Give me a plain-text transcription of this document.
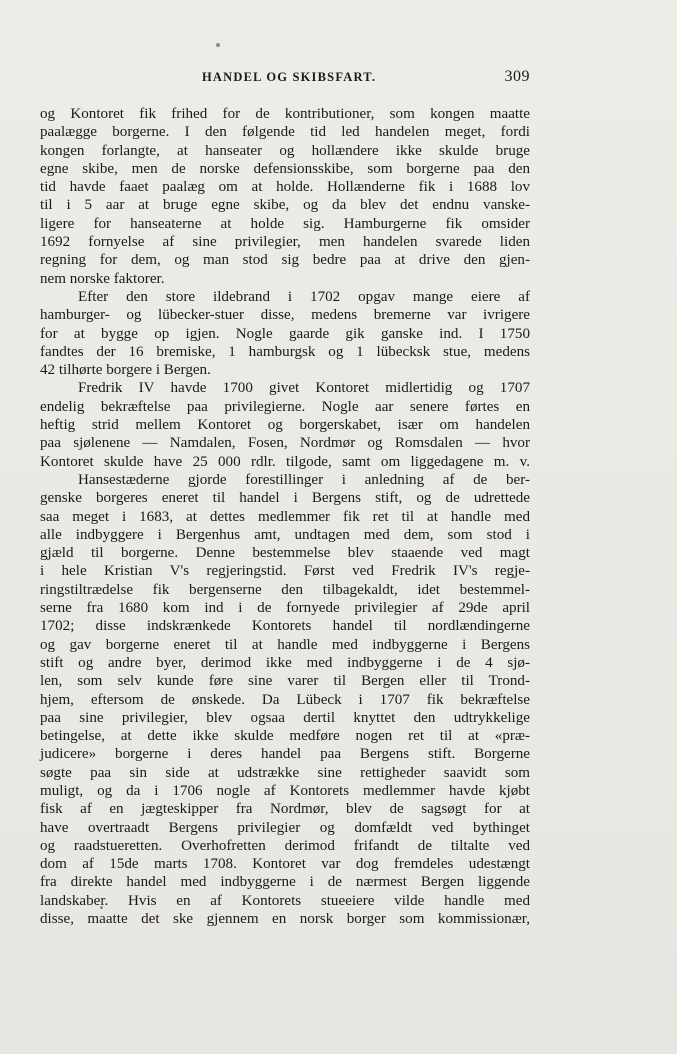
HANDEL OG SKIBSFART.	309
og Kontoret fik frihed for de kontributioner, som kongen maatte
paalægge borgerne. I den følgende tid led handelen meget, fordi
kongen forlangte, at hanseater og hollændere ikke skulde bruge
egne skibe, men de norske defensionsskibe, som borgerne paa den
tid havde faaet paalæg om at holde. Hollænderne fik i 1688 lov
til i 5 aar at bruge egne skibe, og da blev det endnu vanske-
ligere for hanseaterne at holde sig. Hamburgerne fik omsider
1692 fornyelse af sine privilegier, men handelen svarede liden
regning for dem, og man stod sig bedre paa at drive den gjen-
nem norske faktorer.
Efter den store ildebrand i 1702 opgav mange eiere af
hamburger- og lübecker-stuer disse, medens bremerne var ivrigere
for at bygge op igjen. Nogle gaarde gik ganske ind. I 1750
fandtes der 16 bremiske, 1 hamburgsk og 1 lübecksk stue, medens
42 tilhørte borgere i Bergen.
Fredrik IV havde 1700 givet Kontoret midlertidig og 1707
endelig bekræftelse paa privilegierne. Nogle aar senere førtes en
heftig strid mellem Kontoret og borgerskabet, især om handelen
paa sjølenene — Namdalen, Fosen, Nordmør og Romsdalen — hvor
Kontoret skulde have 25 000 rdlr. tilgode, samt om liggedagene m. v.
Hansestæderne gjorde forestillinger i anledning af de ber-
genske borgeres eneret til handel i Bergens stift, og de udrettede
saa meget i 1683, at dettes medlemmer fik ret til at handle med
alle indbyggere i Bergenhus amt, undtagen med dem, som stod i
gjæld til borgerne. Denne bestemmelse blev staaende ved magt
i hele Kristian V's regjeringstid. Først ved Fredrik IV's regje-
ringstiltrædelse fik bergenserne den tilbagekaldt, idet bestemmel-
serne fra 1680 kom ind i de fornyede privilegier af 29de april
1702; disse indskrænkede Kontorets handel til nordlændingerne
og gav borgerne eneret til at handle med indbyggerne i Bergens
stift og andre byer, derimod ikke med indbyggerne i de 4 sjø-
len, som selv kunde føre sine varer til Bergen eller til Trond-
hjem, eftersom de ønskede. Da Lübeck i 1707 fik bekræftelse
paa sine privilegier, blev ogsaa dertil knyttet den udtrykkelige
betingelse, at dette ikke skulde medføre nogen ret til at «præ-
judicere» borgerne i deres handel paa Bergens stift. Borgerne
søgte paa sin side at udstrække sine rettigheder saavidt som
muligt, og da i 1706 nogle af Kontorets medlemmer havde kjøbt
fisk af en jægteskipper fra Nordmør, blev de sagsøgt for at
have overtraadt Bergens privilegier og domfældt ved bythinget
og raadstueretten. Overhofretten derimod frifandt de tiltalte ved
dom af 15de marts 1708. Kontoret var dog fremdeles udestængt
fra direkte handel med indbyggerne i de nærmest Bergen liggende
landskaber. Hvis en af Kontorets stueeiere vilde handle med
disse, maatte det ske gjennem en norsk borger som kommissionær,
